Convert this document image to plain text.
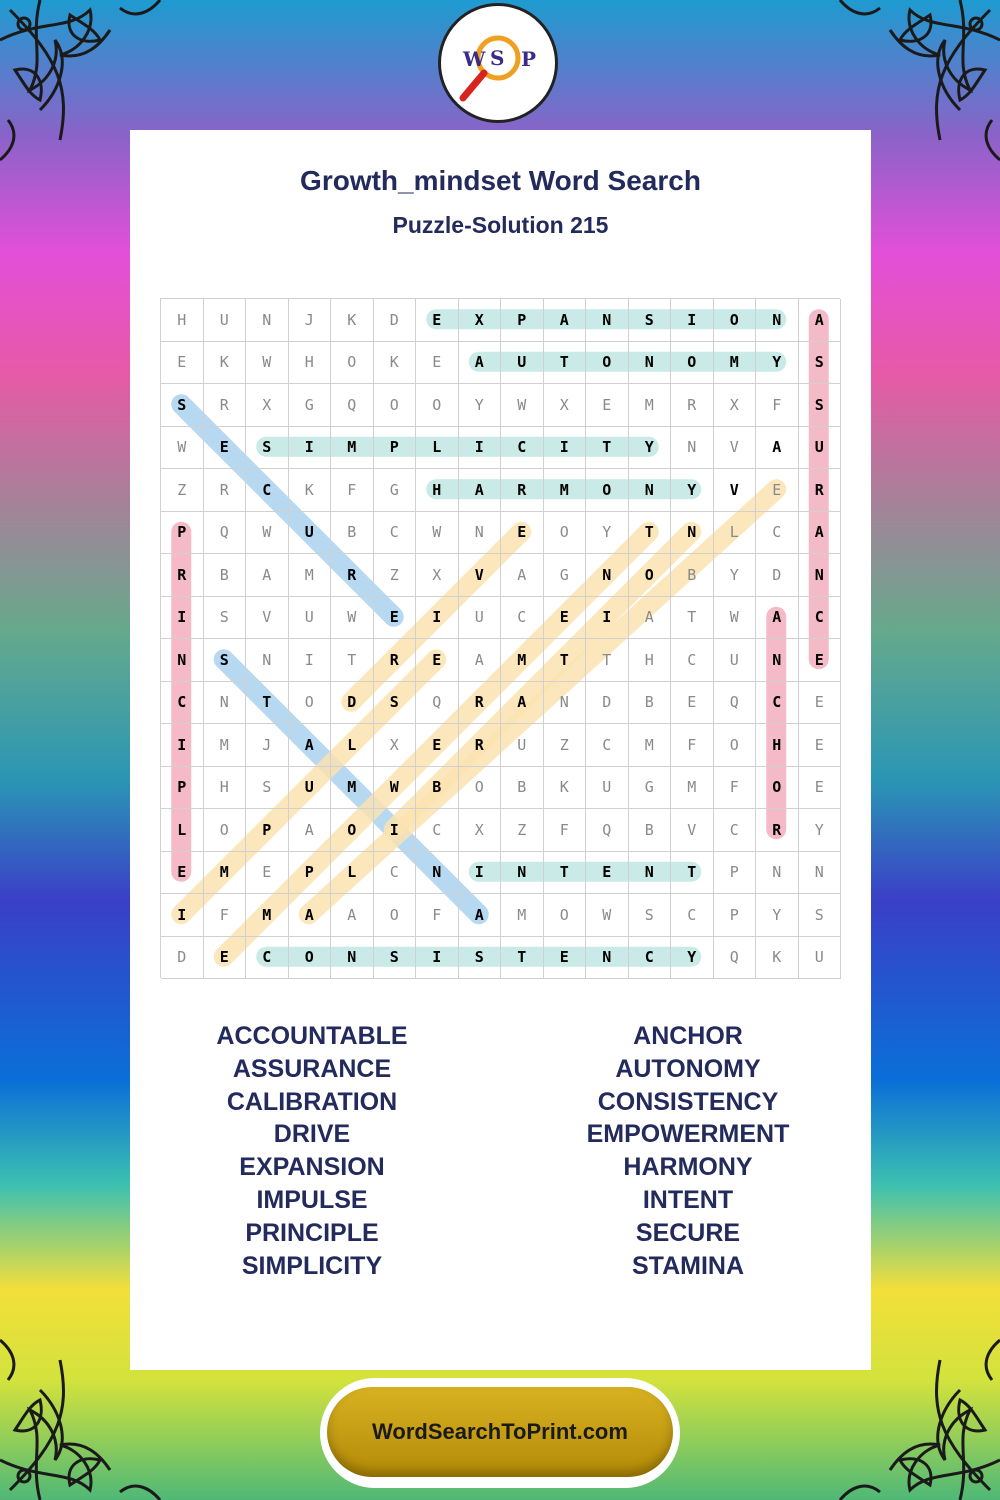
W S P
Growth_mindset Word Search
Puzzle-Solution 215
H	U	N	J	K	D	E	X	P	A	N	S	I	O	N	A
E	K	W	H	O	K	E	A	U	T	O	N	O	M	Y	S
S	R	X	G	Q	O	O	Y	W	X	E	M	R	X	F	S
W	E	S	I	M	P	L	I	C	I	T	Y	N	V	A	U
Z	R	C	K	F	G	H	A	R	M	O	N	Y	V	E	R
P	Q	W	U	B	C	W	N	E	O	Y	T	N	L	C	A
R	B	A	M	R	Z	X	V	A	G	N	O	B	Y	D	N
I	S	V	U	W	E	I	U	C	E	I	A	T	W	A	C
N	S	N	I	T	R	E	A	M	T	T	H	C	U	N	E
C	N	T	O	D	S	Q	R	A	N	D	B	E	Q	C	E
I	M	J	A	L	X	E	R	U	Z	C	M	F	O	H	E
P	H	S	U	M	W	B	O	B	K	U	G	M	F	O	E
L	O	P	A	O	I	C	X	Z	F	Q	B	V	C	R	Y
E	M	E	P	L	C	N	I	N	T	E	N	T	P	N	N
I	F	M	A	A	O	F	A	M	O	W	S	C	P	Y	S
D	E	C	O	N	S	I	S	T	E	N	C	Y	Q	K	U
ACCOUNTABLE
ASSURANCE
CALIBRATION
DRIVE
EXPANSION
IMPULSE
PRINCIPLE
SIMPLICITY
ANCHOR
AUTONOMY
CONSISTENCY
EMPOWERMENT
HARMONY
INTENT
SECURE
STAMINA
WordSearchToPrint.com
